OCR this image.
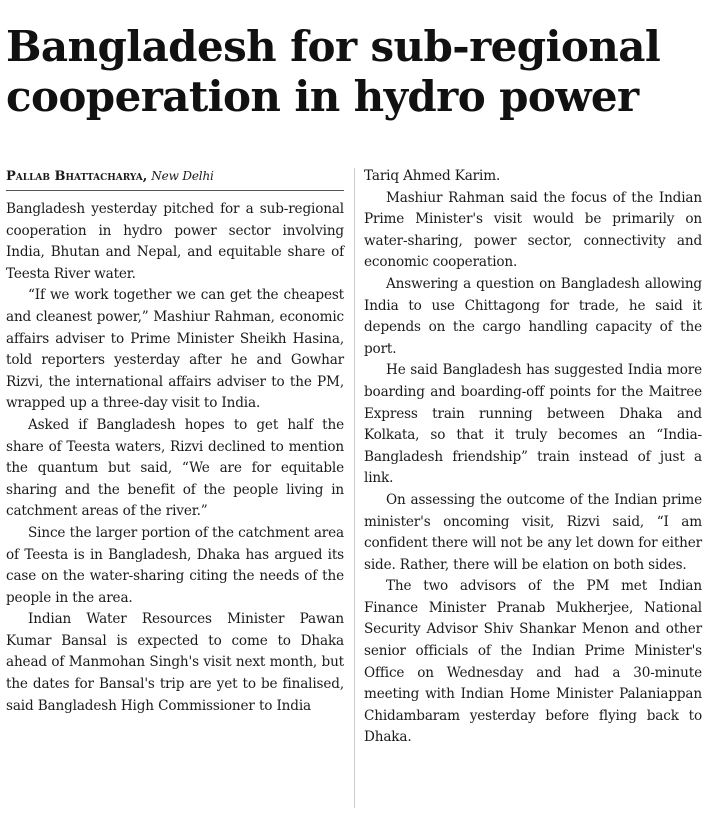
Bangladesh for sub-regional cooperation in hydro power
Pallab Bhattacharya, New Delhi

Bangladesh yesterday pitched for a sub-regional cooperation in hydro power sector involving India, Bhutan and Nepal, and equitable share of Teesta River water.

“If we work together we can get the cheapest and cleanest power,” Mashiur Rahman, economic affairs adviser to Prime Minister Sheikh Hasina, told reporters yesterday after he and Gowhar Rizvi, the international affairs adviser to the PM, wrapped up a three-day visit to India.

Asked if Bangladesh hopes to get half the share of Teesta waters, Rizvi declined to mention the quantum but said, “We are for equitable sharing and the benefit of the people living in catchment areas of the river.”

Since the larger portion of the catchment area of Teesta is in Bangladesh, Dhaka has argued its case on the water-sharing citing the needs of the people in the area.

Indian Water Resources Minister Pawan Kumar Bansal is expected to come to Dhaka ahead of Manmohan Singh's visit next month, but the dates for Bansal's trip are yet to be finalised, said Bangladesh High Commissioner to India

Tariq Ahmed Karim.

Mashiur Rahman said the focus of the Indian Prime Minister's visit would be primarily on water-sharing, power sector, connectivity and economic cooperation.

Answering a question on Bangladesh allowing India to use Chittagong for trade, he said it depends on the cargo handling capacity of the port.

He said Bangladesh has suggested India more boarding and boarding-off points for the Maitree Express train running between Dhaka and Kolkata, so that it truly becomes an “India-Bangladesh friendship” train instead of just a link.

On assessing the outcome of the Indian prime minister's oncoming visit, Rizvi said, “I am confident there will not be any let down for either side. Rather, there will be elation on both sides.

The two advisors of the PM met Indian Finance Minister Pranab Mukherjee, National Security Advisor Shiv Shankar Menon and other senior officials of the Indian Prime Minister's Office on Wednesday and had a 30-minute meeting with Indian Home Minister Palaniappan Chidambaram yesterday before flying back to Dhaka.
